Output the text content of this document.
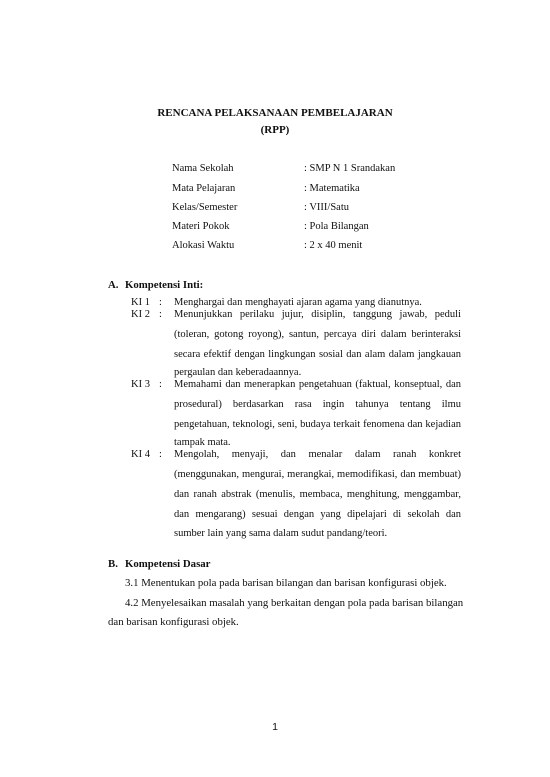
RENCANA PELAKSANAAN PEMBELAJARAN
(RPP)
Nama Sekolah	: SMP N 1 Srandakan
Mata Pelajaran	: Matematika
Kelas/Semester	: VIII/Satu
Materi Pokok	: Pola Bilangan
Alokasi Waktu	: 2 x 40 menit
A. Kompetensi Inti:
KI 1 : Menghargai dan menghayati ajaran agama yang dianutnya.
KI 2 : Menunjukkan perilaku jujur, disiplin, tanggung jawab, peduli
(toleran, gotong royong), santun, percaya diri dalam berinteraksi
secara efektif dengan lingkungan sosial dan alam dalam jangkauan
pergaulan dan keberadaannya.
KI 3 : Memahami dan menerapkan pengetahuan (faktual, konseptual, dan
prosedural) berdasarkan rasa ingin tahunya tentang ilmu
pengetahuan, teknologi, seni, budaya terkait fenomena dan kejadian
tampak mata.
KI 4 : Mengolah, menyaji, dan menalar dalam ranah konkret
(menggunakan, mengurai, merangkai, memodifikasi, dan membuat)
dan ranah abstrak (menulis, membaca, menghitung, menggambar,
dan mengarang) sesuai dengan yang dipelajari di sekolah dan
sumber lain yang sama dalam sudut pandang/teori.
B. Kompetensi Dasar
3.1 Menentukan pola pada barisan bilangan dan barisan konfigurasi objek.
4.2 Menyelesaikan masalah yang berkaitan dengan pola pada barisan bilangan
dan barisan konfigurasi objek.
1
